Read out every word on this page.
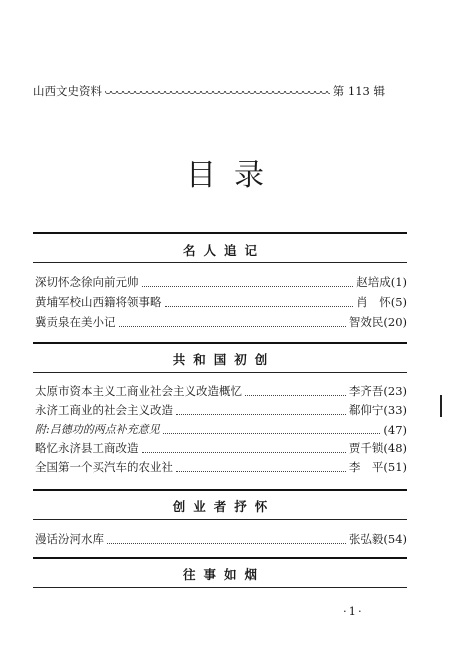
山西文史资料	第 113 辑
目录
名人追记
深切怀念徐向前元帅	赵培成(1)
黄埔军校山西籍将领事略	肖　怀(5)
冀贡泉在美小记	智效民(20)
共和国初创
太原市资本主义工商业社会主义改造概忆	李齐吾(23)
永济工商业的社会主义改造	郗仰宁(33)
附:吕德功的两点补充意见	(47)
略忆永济县工商改造	贾千锁(48)
全国第一个买汽车的农业社	李　平(51)
创业者抒怀
漫话汾河水库	张弘毅(54)
往事如烟
·1·
